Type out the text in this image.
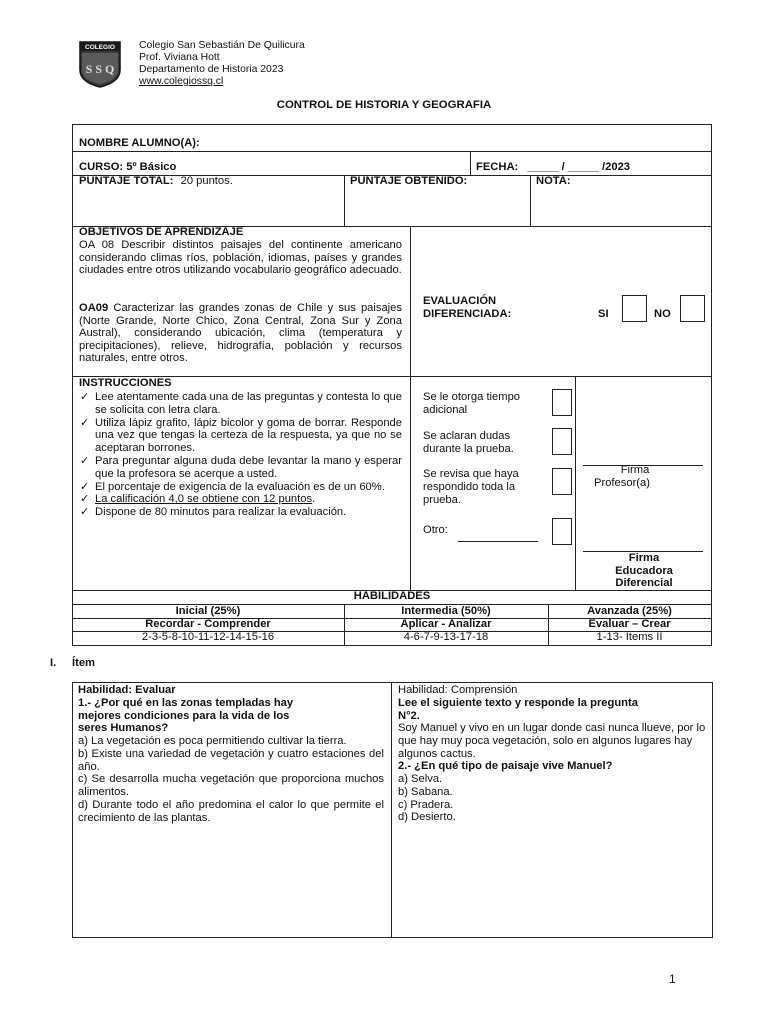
COLEGIO
S S Q
Colegio San Sebastián De Quilicura
Prof. Viviana Hott
Departamento de Historia 2023
www.colegiossq.cl
CONTROL DE HISTORIA Y GEOGRAFIA
NOMBRE ALUMNO(A):
CURSO: 5º Básico	FECHA: _____ / _____ /2023
PUNTAJE TOTAL: 20 puntos.	PUNTAJE OBTENIDO:	NOTA:
OBJETIVOS DE APRENDIZAJE
OA 08 Describir distintos paisajes del continente americano considerando climas ríos, población, idiomas, países y grandes ciudades entre otros utilizando vocabulario geográfico adecuado.
OA09 Caracterizar las grandes zonas de Chile y sus paisajes (Norte Grande, Norte Chico, Zona Central, Zona Sur y Zona Austral), considerando ubicación, clima (temperatura y precipitaciones), relieve, hidrografía, población y recursos naturales, entre otros.
EVALUACIÓN
DIFERENCIADA:	SI	NO
INSTRUCCIONES
✓ Lee atentamente cada una de las preguntas y contesta lo que se solicita con letra clara.
✓ Utiliza lápiz grafito, lápiz bicolor y goma de borrar. Responde una vez que tengas la certeza de la respuesta, ya que no se aceptaran borrones.
✓ Para preguntar alguna duda debe levantar la mano y esperar que la profesora se acerque a usted.
✓ El porcentaje de exigencia de la evaluación es de un 60%.
✓ La calificación 4,0 se obtiene con 12 puntos.
✓ Dispone de 80 minutos para realizar la evaluación.
Se le otorga tiempo adicional
Se aclaran dudas durante la prueba.
Se revisa que haya respondido toda la prueba.
Otro:
Firma
Profesor(a)
Firma
Educadora
Diferencial
HABILIDADES
Inicial (25%)	Intermedia (50%)	Avanzada (25%)
Recordar - Comprender	Aplicar - Analizar	Evaluar – Crear
2-3-5-8-10-11-12-14-15-16	4-6-7-9-13-17-18	1-13- Items II
I. Ítem
Habilidad: Evaluar
1.- ¿Por qué en las zonas templadas hay
mejores condiciones para la vida de los
seres Humanos?
a) La vegetación es poca permitiendo cultivar la tierra.
b) Existe una variedad de vegetación y cuatro estaciones del año.
c) Se desarrolla mucha vegetación que proporciona muchos alimentos.
d) Durante todo el año predomina el calor lo que permite el crecimiento de las plantas.
Habilidad: Comprensión
Lee el siguiente texto y responde la pregunta
N°2.
Soy Manuel y vivo en un lugar donde casi nunca llueve, por lo que hay muy poca vegetación, solo en algunos lugares hay algunos cactus.
2.- ¿En qué tipo de paisaje vive Manuel?
a) Selva.
b) Sabana.
c) Pradera.
d) Desierto.
1
